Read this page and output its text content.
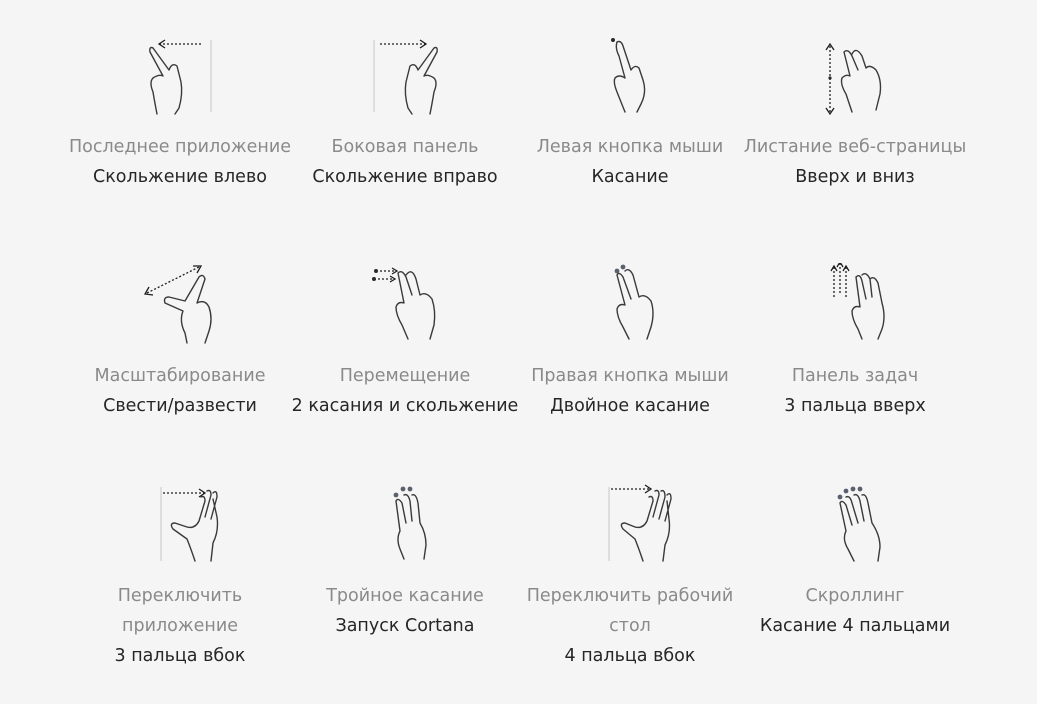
Последнее приложение
Скольжение влево
Боковая панель
Скольжение вправо
Левая кнопка мыши
Касание
Листание веб-страницы
Вверх и вниз
Масштабирование
Свести/развести
Перемещение
2 касания и скольжение
Правая кнопка мыши
Двойное касание
Панель задач
3 пальца вверх
Переключить приложение
3 пальца вбок
Тройное касание
Запуск Cortana
Переключить рабочий стол
4 пальца вбок
Скроллинг
Касание 4 пальцами
